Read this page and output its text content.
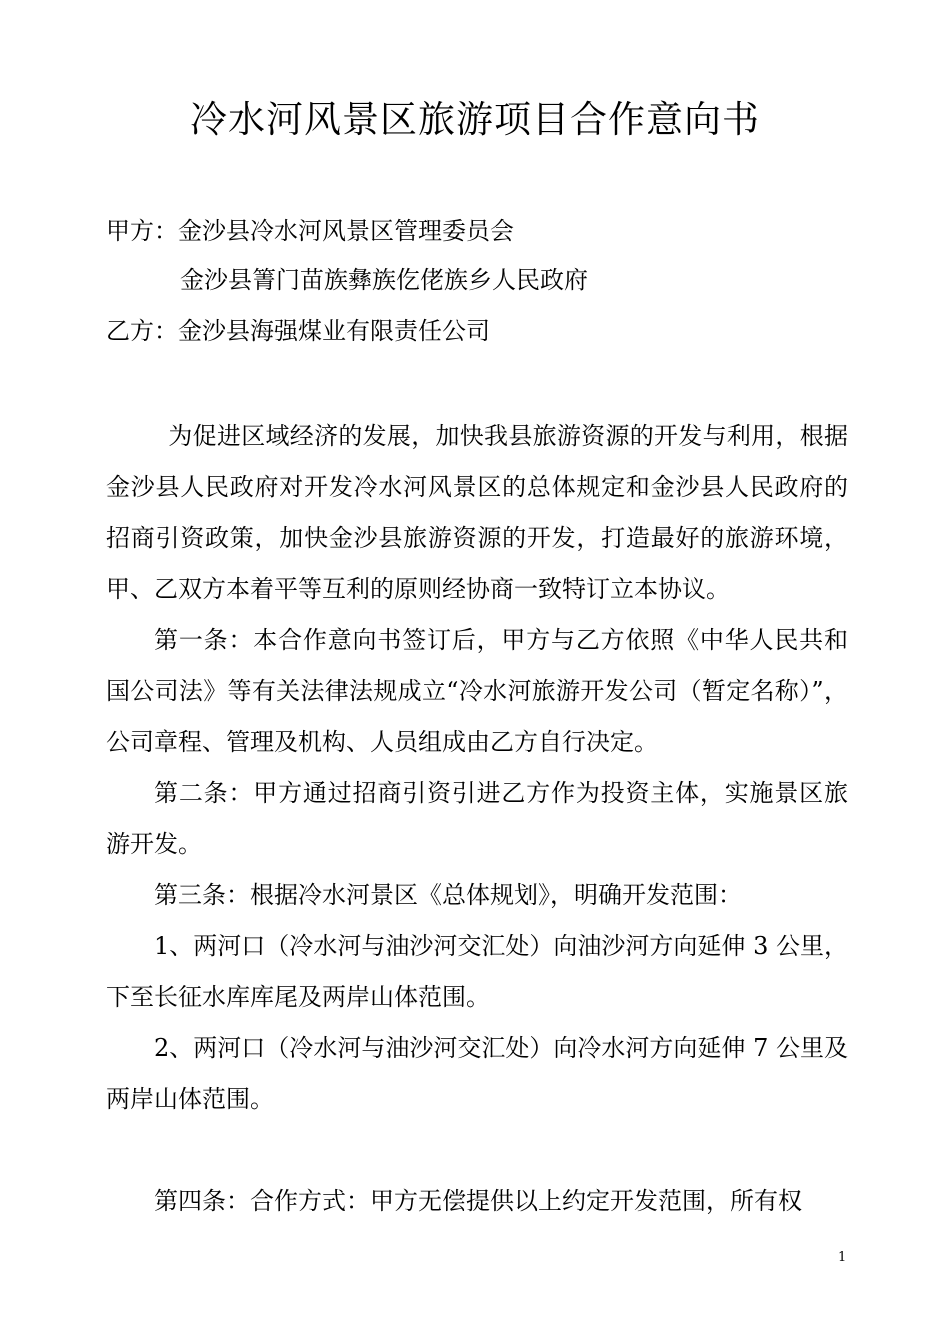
冷水河风景区旅游项目合作意向书
甲方：金沙县冷水河风景区管理委员会
金沙县箐门苗族彝族仡佬族乡人民政府
乙方：金沙县海强煤业有限责任公司

为促进区域经济的发展，加快我县旅游资源的开发与利用，根据金沙县人民政府对开发冷水河风景区的总体规定和金沙县人民政府的招商引资政策，加快金沙县旅游资源的开发，打造最好的旅游环境，甲、乙双方本着平等互利的原则经协商一致特订立本协议。

第一条：本合作意向书签订后，甲方与乙方依照《中华人民共和国公司法》等有关法律法规成立“冷水河旅游开发公司（暂定名称）”，公司章程、管理及机构、人员组成由乙方自行决定。

第二条：甲方通过招商引资引进乙方作为投资主体，实施景区旅游开发。

第三条：根据冷水河景区《总体规划》，明确开发范围：

1、两河口（冷水河与油沙河交汇处）向油沙河方向延伸 3 公里，下至长征水库库尾及两岸山体范围。

2、两河口（冷水河与油沙河交汇处）向冷水河方向延伸 7 公里及两岸山体范围。

第四条：合作方式：甲方无偿提供以上约定开发范围，所有权

1
